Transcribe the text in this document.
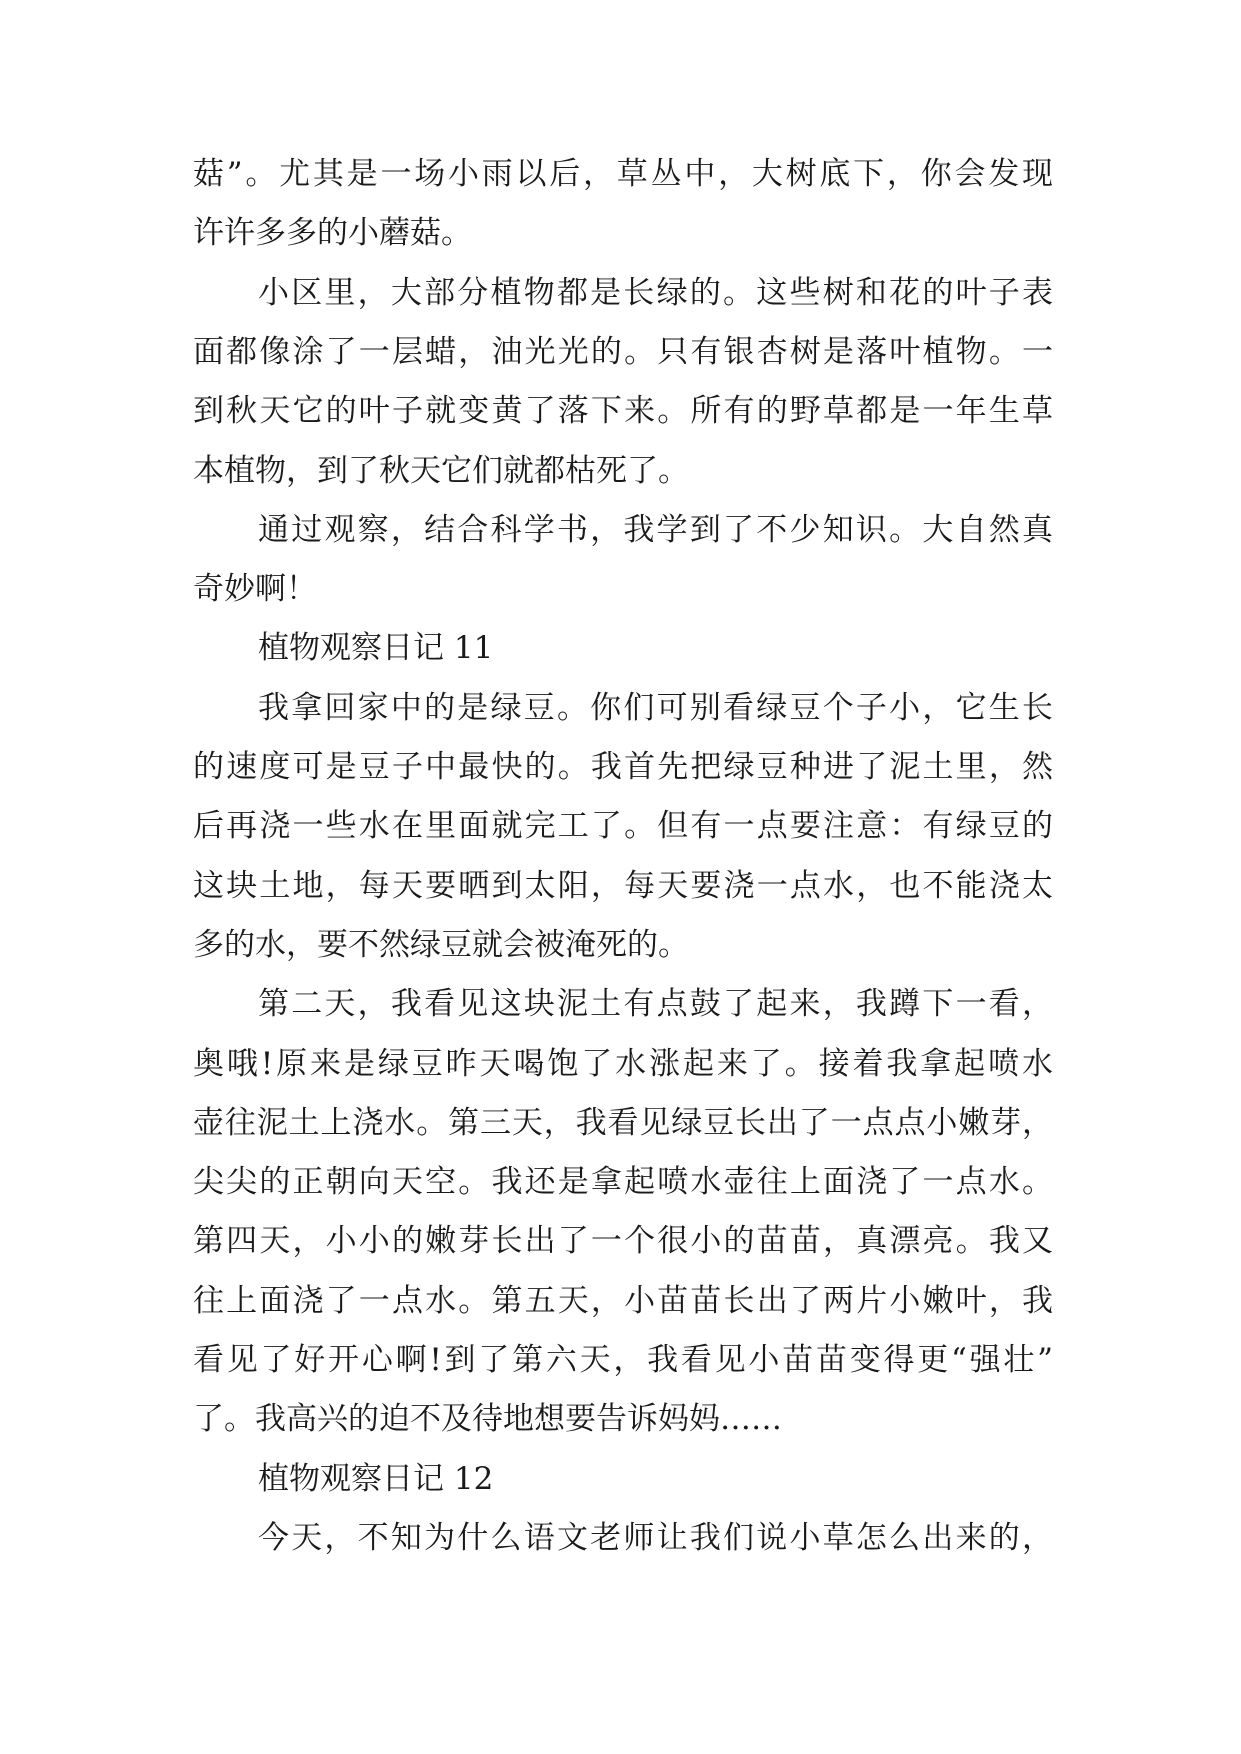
菇”。尤其是一场小雨以后，草丛中，大树底下，你会发现
许许多多的小蘑菇。
小区里，大部分植物都是长绿的。这些树和花的叶子表
面都像涂了一层蜡，油光光的。只有银杏树是落叶植物。一
到秋天它的叶子就变黄了落下来。所有的野草都是一年生草
本植物，到了秋天它们就都枯死了。
通过观察，结合科学书，我学到了不少知识。大自然真
奇妙啊！
植物观察日记 11
我拿回家中的是绿豆。你们可别看绿豆个子小，它生长
的速度可是豆子中最快的。我首先把绿豆种进了泥土里，然
后再浇一些水在里面就完工了。但有一点要注意：有绿豆的
这块土地，每天要晒到太阳，每天要浇一点水，也不能浇太
多的水，要不然绿豆就会被淹死的。
第二天，我看见这块泥土有点鼓了起来，我蹲下一看，
奥哦!原来是绿豆昨天喝饱了水涨起来了。接着我拿起喷水
壶往泥土上浇水。第三天，我看见绿豆长出了一点点小嫩芽，
尖尖的正朝向天空。我还是拿起喷水壶往上面浇了一点水。
第四天，小小的嫩芽长出了一个很小的苗苗，真漂亮。我又
往上面浇了一点水。第五天，小苗苗长出了两片小嫩叶，我
看见了好开心啊!到了第六天，我看见小苗苗变得更“强壮”
了。我高兴的迫不及待地想要告诉妈妈……
植物观察日记 12
今天，不知为什么语文老师让我们说小草怎么出来的，
